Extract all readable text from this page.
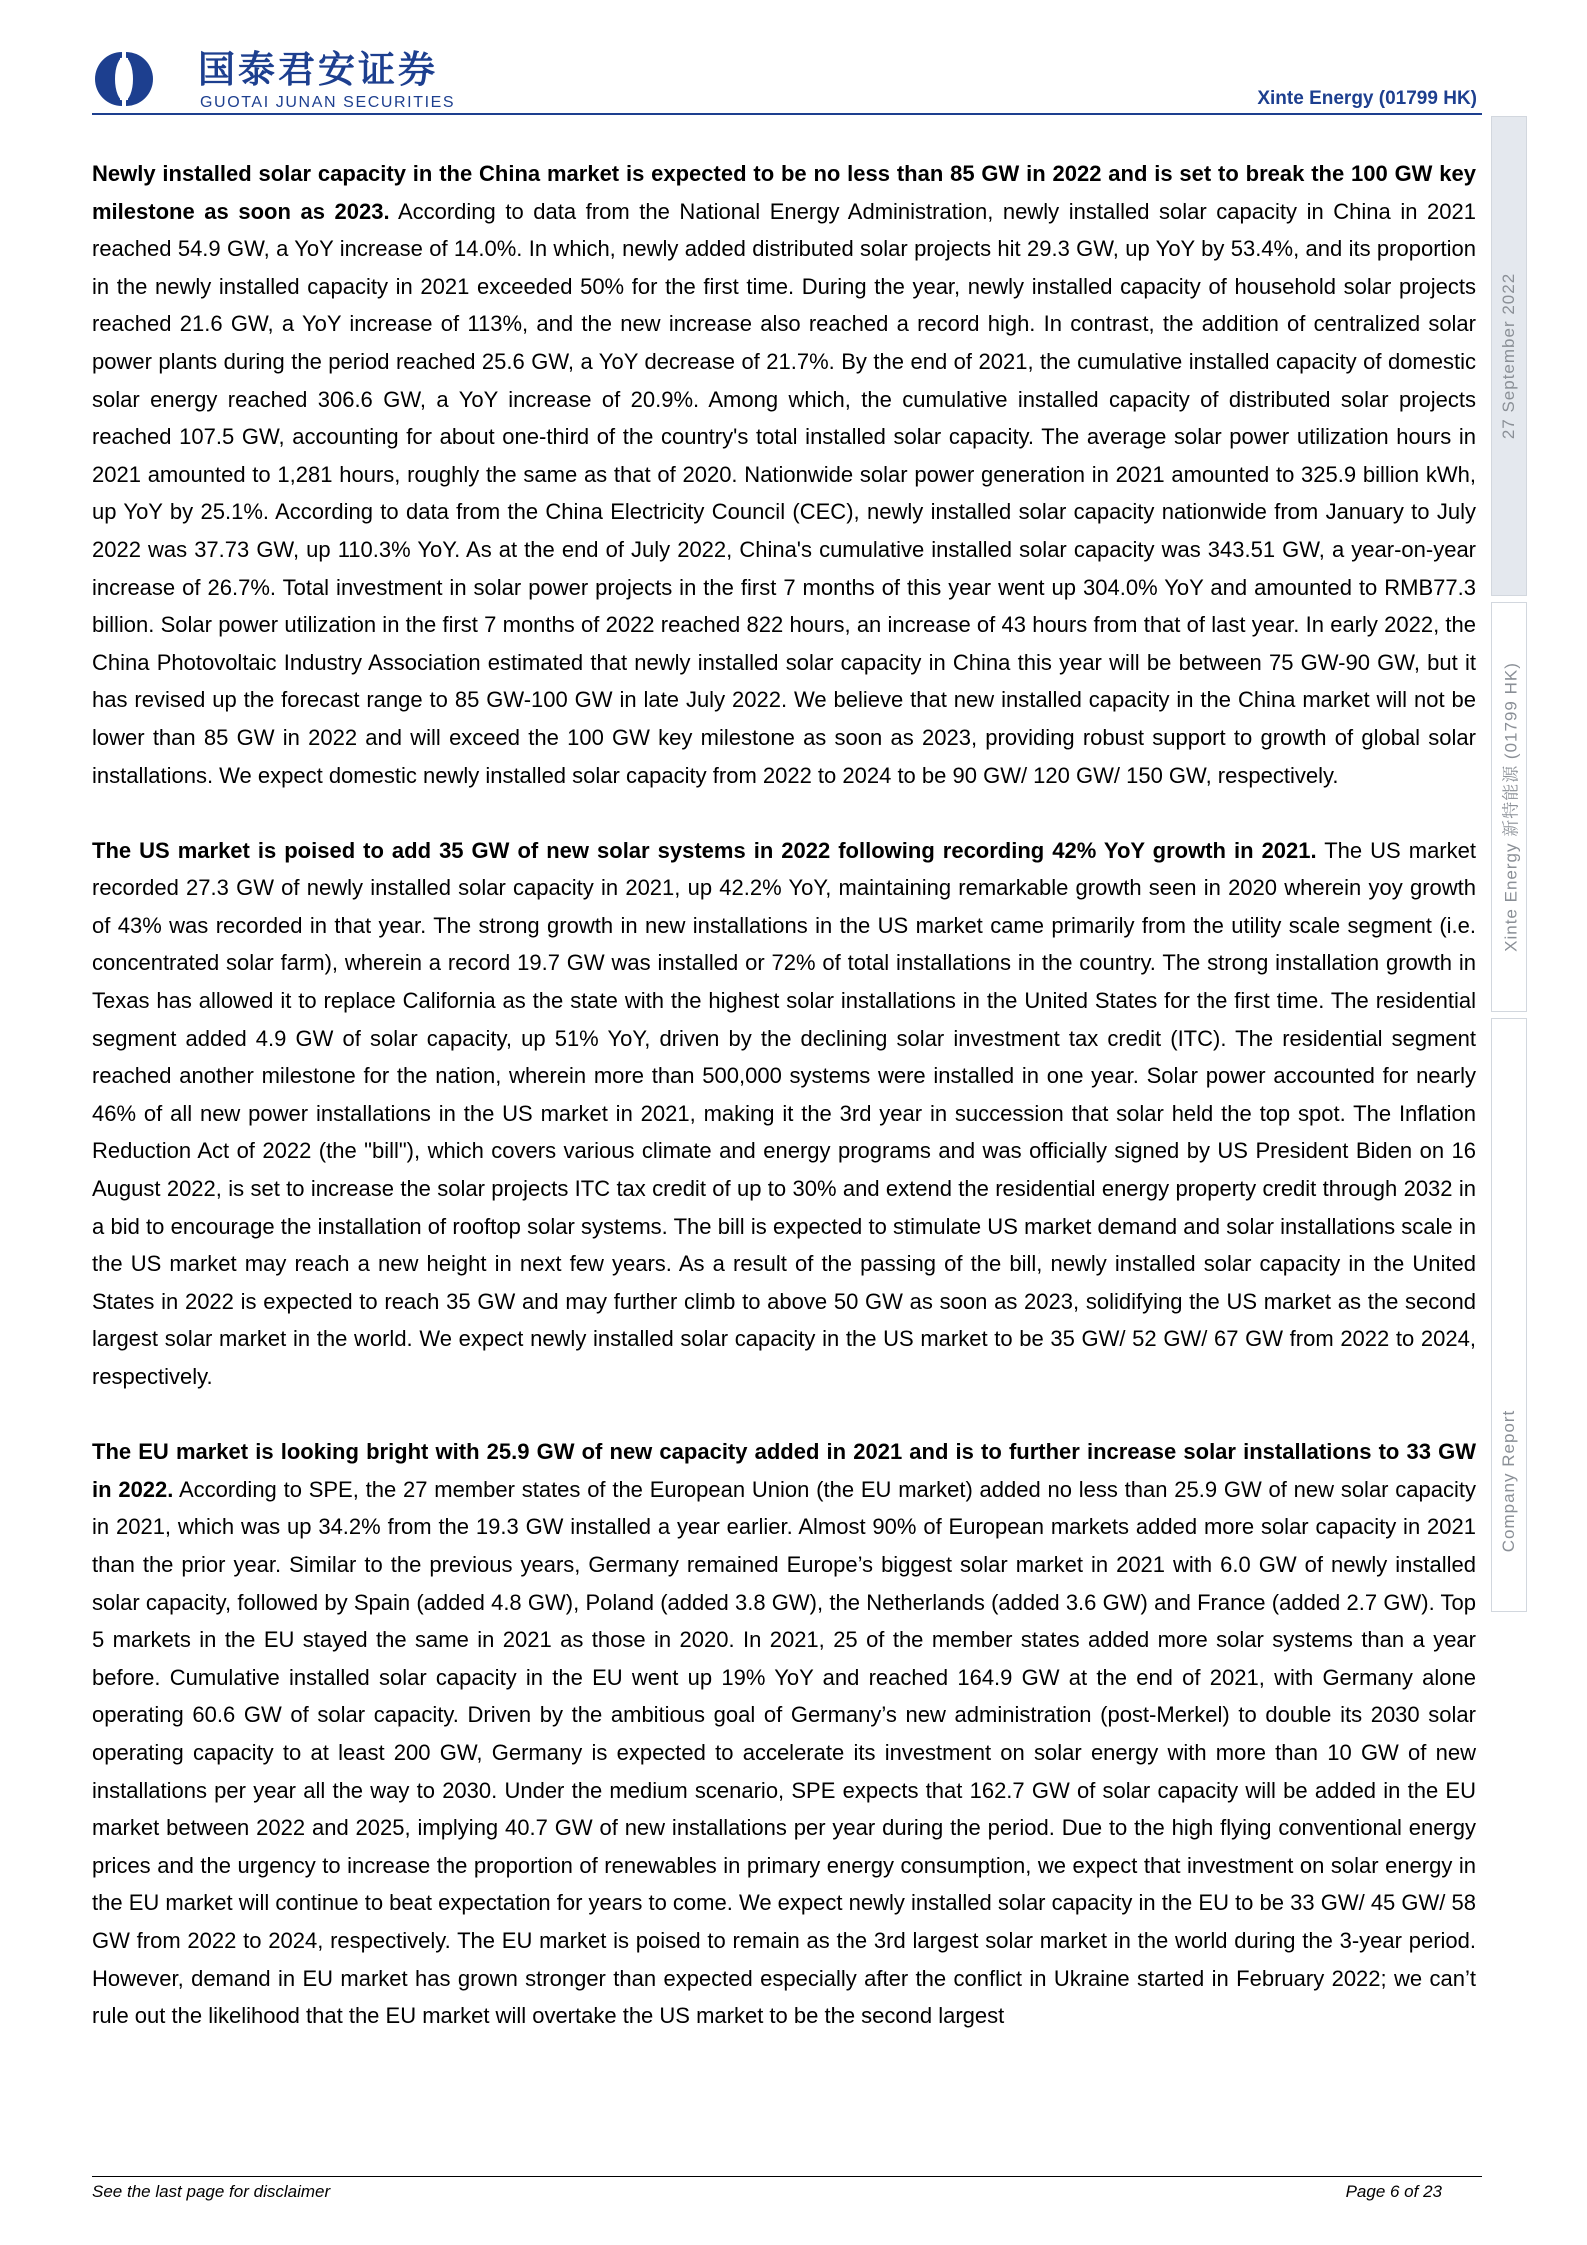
国泰君安证券
GUOTAI JUNAN SECURITIES	Xinte Energy (01799 HK)
27 September 2022
Xinte Energy 新特能源 (01799 HK)
Company Report

Newly installed solar capacity in the China market is expected to be no less than 85 GW in 2022 and is set to break the 100 GW key milestone as soon as 2023. According to data from the National Energy Administration, newly installed solar capacity in China in 2021 reached 54.9 GW, a YoY increase of 14.0%. In which, newly added distributed solar projects hit 29.3 GW, up YoY by 53.4%, and its proportion in the newly installed capacity in 2021 exceeded 50% for the first time. During the year, newly installed capacity of household solar projects reached 21.6 GW, a YoY increase of 113%, and the new increase also reached a record high. In contrast, the addition of centralized solar power plants during the period reached 25.6 GW, a YoY decrease of 21.7%. By the end of 2021, the cumulative installed capacity of domestic solar energy reached 306.6 GW, a YoY increase of 20.9%. Among which, the cumulative installed capacity of distributed solar projects reached 107.5 GW, accounting for about one-third of the country's total installed solar capacity. The average solar power utilization hours in 2021 amounted to 1,281 hours, roughly the same as that of 2020. Nationwide solar power generation in 2021 amounted to 325.9 billion kWh, up YoY by 25.1%. According to data from the China Electricity Council (CEC), newly installed solar capacity nationwide from January to July 2022 was 37.73 GW, up 110.3% YoY. As at the end of July 2022, China's cumulative installed solar capacity was 343.51 GW, a year-on-year increase of 26.7%. Total investment in solar power projects in the first 7 months of this year went up 304.0% YoY and amounted to RMB77.3 billion. Solar power utilization in the first 7 months of 2022 reached 822 hours, an increase of 43 hours from that of last year. In early 2022, the China Photovoltaic Industry Association estimated that newly installed solar capacity in China this year will be between 75 GW-90 GW, but it has revised up the forecast range to 85 GW-100 GW in late July 2022. We believe that new installed capacity in the China market will not be lower than 85 GW in 2022 and will exceed the 100 GW key milestone as soon as 2023, providing robust support to growth of global solar installations. We expect domestic newly installed solar capacity from 2022 to 2024 to be 90 GW/ 120 GW/ 150 GW, respectively.

The US market is poised to add 35 GW of new solar systems in 2022 following recording 42% YoY growth in 2021. The US market recorded 27.3 GW of newly installed solar capacity in 2021, up 42.2% YoY, maintaining remarkable growth seen in 2020 wherein yoy growth of 43% was recorded in that year. The strong growth in new installations in the US market came primarily from the utility scale segment (i.e. concentrated solar farm), wherein a record 19.7 GW was installed or 72% of total installations in the country. The strong installation growth in Texas has allowed it to replace California as the state with the highest solar installations in the United States for the first time. The residential segment added 4.9 GW of solar capacity, up 51% YoY, driven by the declining solar investment tax credit (ITC). The residential segment reached another milestone for the nation, wherein more than 500,000 systems were installed in one year. Solar power accounted for nearly 46% of all new power installations in the US market in 2021, making it the 3rd year in succession that solar held the top spot. The Inflation Reduction Act of 2022 (the "bill"), which covers various climate and energy programs and was officially signed by US President Biden on 16 August 2022, is set to increase the solar projects ITC tax credit of up to 30% and extend the residential energy property credit through 2032 in a bid to encourage the installation of rooftop solar systems. The bill is expected to stimulate US market demand and solar installations scale in the US market may reach a new height in next few years. As a result of the passing of the bill, newly installed solar capacity in the United States in 2022 is expected to reach 35 GW and may further climb to above 50 GW as soon as 2023, solidifying the US market as the second largest solar market in the world. We expect newly installed solar capacity in the US market to be 35 GW/ 52 GW/ 67 GW from 2022 to 2024, respectively.

The EU market is looking bright with 25.9 GW of new capacity added in 2021 and is to further increase solar installations to 33 GW in 2022. According to SPE, the 27 member states of the European Union (the EU market) added no less than 25.9 GW of new solar capacity in 2021, which was up 34.2% from the 19.3 GW installed a year earlier. Almost 90% of European markets added more solar capacity in 2021 than the prior year. Similar to the previous years, Germany remained Europe’s biggest solar market in 2021 with 6.0 GW of newly installed solar capacity, followed by Spain (added 4.8 GW), Poland (added 3.8 GW), the Netherlands (added 3.6 GW) and France (added 2.7 GW). Top 5 markets in the EU stayed the same in 2021 as those in 2020. In 2021, 25 of the member states added more solar systems than a year before. Cumulative installed solar capacity in the EU went up 19% YoY and reached 164.9 GW at the end of 2021, with Germany alone operating 60.6 GW of solar capacity. Driven by the ambitious goal of Germany’s new administration (post-Merkel) to double its 2030 solar operating capacity to at least 200 GW, Germany is expected to accelerate its investment on solar energy with more than 10 GW of new installations per year all the way to 2030. Under the medium scenario, SPE expects that 162.7 GW of solar capacity will be added in the EU market between 2022 and 2025, implying 40.7 GW of new installations per year during the period. Due to the high flying conventional energy prices and the urgency to increase the proportion of renewables in primary energy consumption, we expect that investment on solar energy in the EU market will continue to beat expectation for years to come. We expect newly installed solar capacity in the EU to be 33 GW/ 45 GW/ 58 GW from 2022 to 2024, respectively. The EU market is poised to remain as the 3rd largest solar market in the world during the 3-year period. However, demand in EU market has grown stronger than expected especially after the conflict in Ukraine started in February 2022; we can’t rule out the likelihood that the EU market will overtake the US market to be the second largest

See the last page for disclaimer	Page 6 of 23
